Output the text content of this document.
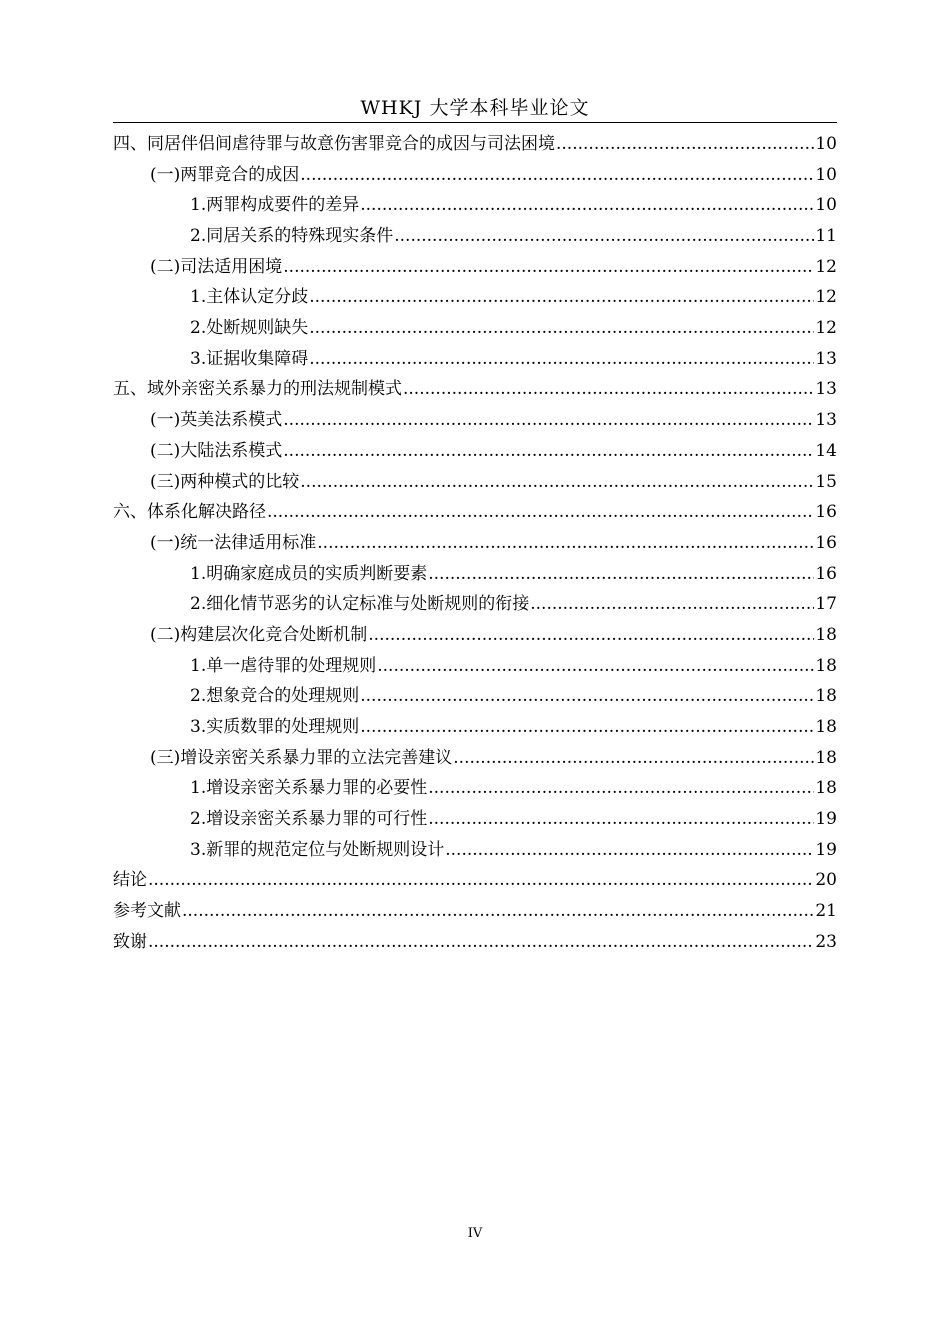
WHKJ 大学本科毕业论文
四、同居伴侣间虐待罪与故意伤害罪竞合的成因与司法困境 .....	10
(一)两罪竞合的成因 .....	10
1.两罪构成要件的差异 .....	10
2.同居关系的特殊现实条件 .....	11
(二)司法适用困境 .....	12
1.主体认定分歧 .....	12
2.处断规则缺失 .....	12
3.证据收集障碍 .....	13
五、域外亲密关系暴力的刑法规制模式 .....	13
(一)英美法系模式 .....	13
(二)大陆法系模式 .....	14
(三)两种模式的比较 .....	15
六、体系化解决路径 .....	16
(一)统一法律适用标准 .....	16
1.明确家庭成员的实质判断要素 .....	16
2.细化情节恶劣的认定标准与处断规则的衔接 .....	17
(二)构建层次化竞合处断机制 .....	18
1.单一虐待罪的处理规则 .....	18
2.想象竞合的处理规则 .....	18
3.实质数罪的处理规则 .....	18
(三)增设亲密关系暴力罪的立法完善建议 .....	18
1.增设亲密关系暴力罪的必要性 .....	18
2.增设亲密关系暴力罪的可行性 .....	19
3.新罪的规范定位与处断规则设计 .....	19
结论 .....	20
参考文献 .....	21
致谢 .....	23
IV
